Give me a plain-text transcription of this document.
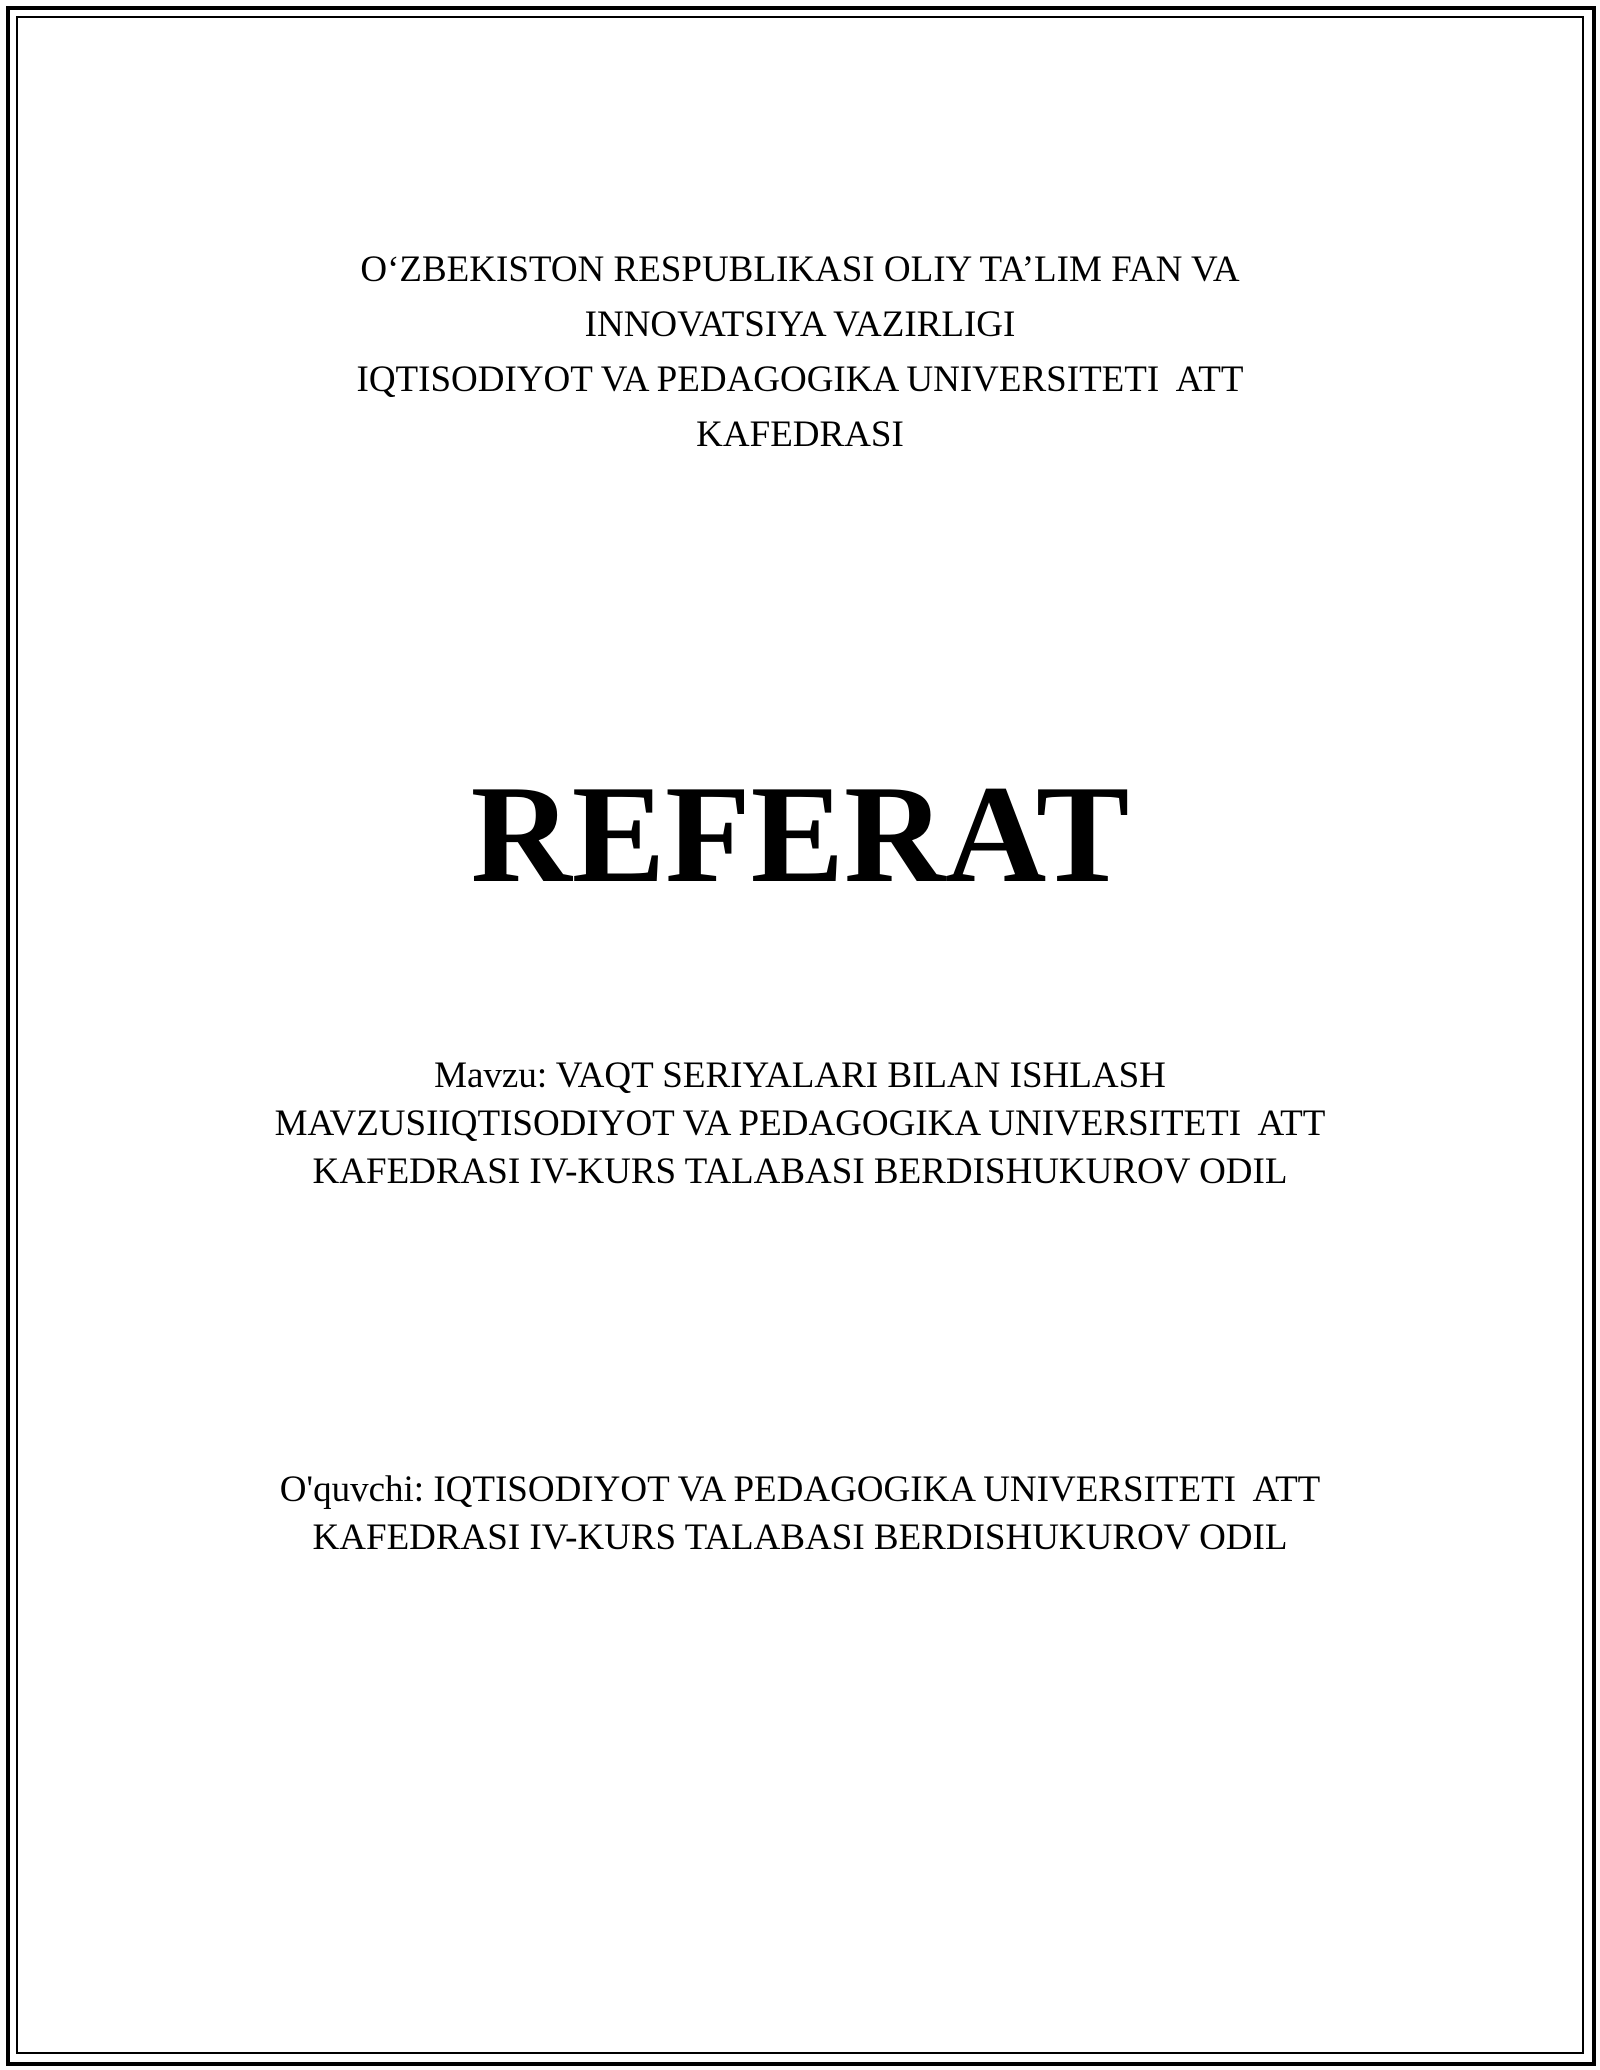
O‘ZBEKISTON RESPUBLIKASI OLIY TA’LIM FAN VA
INNOVATSIYA VAZIRLIGI
IQTISODIYOT VA PEDAGOGIKA UNIVERSITETI  ATT
KAFEDRASI
REFERAT
Mavzu: VAQT SERIYALARI BILAN ISHLASH
MAVZUSIIQTISODIYOT VA PEDAGOGIKA UNIVERSITETI  ATT
KAFEDRASI IV-KURS TALABASI BERDISHUKUROV ODIL
O'quvchi: IQTISODIYOT VA PEDAGOGIKA UNIVERSITETI  ATT
KAFEDRASI IV-KURS TALABASI BERDISHUKUROV ODIL
